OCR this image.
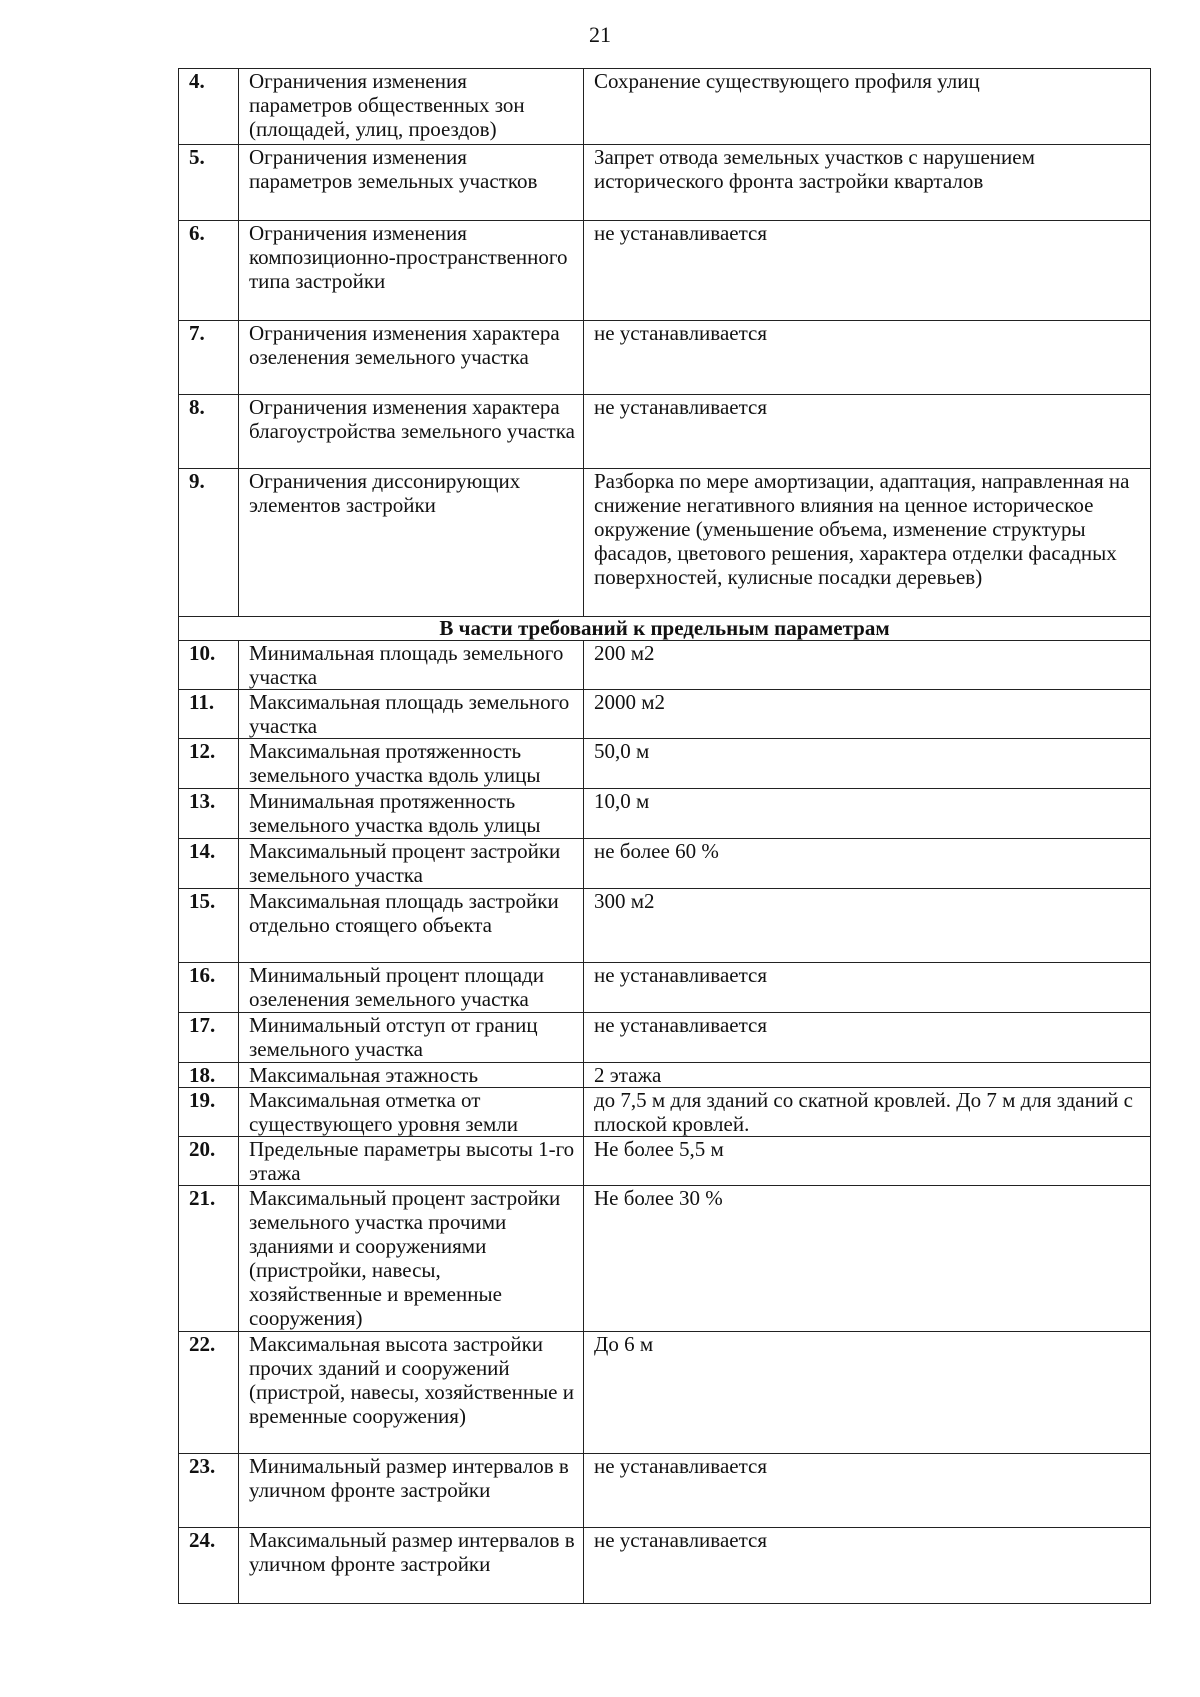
21
4.	Ограничения изменения параметров общественных зон (площадей, улиц, проездов)	Сохранение существующего профиля улиц
5.	Ограничения изменения параметров земельных участков	Запрет отвода земельных участков с нарушением исторического фронта застройки кварталов
6.	Ограничения изменения композиционно-пространственного типа застройки	не устанавливается
7.	Ограничения изменения характера озеленения земельного участка	не устанавливается
8.	Ограничения изменения характера благоустройства земельного участка	не устанавливается
9.	Ограничения диссонирующих элементов застройки	Разборка по мере амортизации, адаптация, направленная на снижение негативного влияния на ценное историческое окружение (уменьшение объема, изменение структуры фасадов, цветового решения, характера отделки фасадных поверхностей, кулисные посадки деревьев)
В части требований к предельным параметрам		
10.	Минимальная площадь земельного участка	200 м2
11.	Максимальная площадь земельного участка	2000 м2
12.	Максимальная протяженность земельного участка вдоль улицы	50,0 м
13.	Минимальная протяженность земельного участка вдоль улицы	10,0 м
14.	Максимальный процент застройки земельного участка	не более 60 %
15.	Максимальная площадь застройки отдельно стоящего объекта	300 м2
16.	Минимальный процент площади озеленения земельного участка	не устанавливается
17.	Минимальный отступ от границ земельного участка	не устанавливается
18.	Максимальная этажность	2 этажа
19.	Максимальная отметка от существующего уровня земли	до 7,5 м для зданий со скатной кровлей. До 7 м для зданий с плоской кровлей.
20.	Предельные параметры высоты 1-го этажа	Не более 5,5 м
21.	Максимальный процент застройки земельного участка прочими зданиями и сооружениями (пристройки, навесы, хозяйственные и временные сооружения)	Не более 30 %
22.	Максимальная высота застройки прочих зданий и сооружений (пристрой, навесы, хозяйственные и временные сооружения)	До 6 м
23.	Минимальный размер интервалов в уличном фронте застройки	не устанавливается
24.	Максимальный размер интервалов в уличном фронте застройки	не устанавливается
